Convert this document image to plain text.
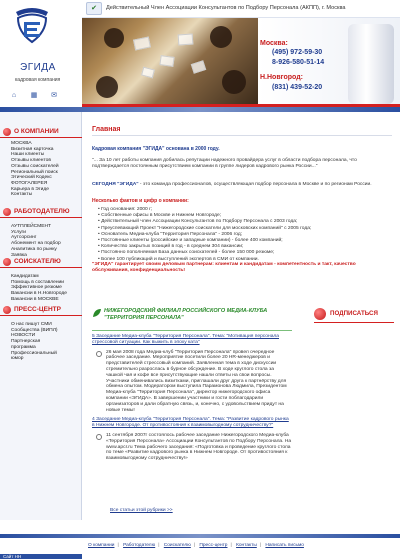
ЭГИДА
кадровая компания
⌂ ▦ ✉
✔	Действительный Член Ассоциации Консультантов по Подбору Персонала (АКПП), г. Москва
Москва:
(495) 972-59-30
8-926-580-51-14
Н.Новгород:
(831) 439-52-20
О КОМПАНИИ
МОСКВА
Визитная карточка
Наши клиенты
Отзывы клиентов
Отзывы соискателей
Региональный поиск
Этический Кодекс
ФОТОГАЛЕРЕЯ
Карьера в Эгиде
Контакты
РАБОТОДАТЕЛЮ
АУТПЛЕЙСМЕНТ
Услуги
Аутсорсинг
Абонемент на подбор
Аналитика по рынку
Заявка
СОИСКАТЕЛЮ
Кандидатам
Помощь в составлении
Эффективное резюме
Вакансии в Н.Новгороде
Вакансии в МОСКВЕ
ПРЕСС-ЦЕНТР
О нас пишут СМИ
Сообщества (ВИПЛ)
НОВОСТИ
Партнерская
программа
Профессиональный
юмор
Главная
Кадровая компания "ЭГИДА" основана в 2000 году.
"... За 10 лет работы компания добилась репутации надежного провайдера услуг в области подбора персонала, что подтверждается постоянным присутствием компании в группе лидеров кадрового рынка России..."
СЕГОДНЯ "ЭГИДА" - это команда профессионалов, осуществляющая подбор персонала в Москве и по регионам России.
Несколько фактов и цифр о компании:
• Год основания: 2000 г;
• Собственные офисы в Москве и Нижнем Новгороде;
• Действительный член Ассоциации Консультантов по Подбору Персонала с 2003 года;
• Преуспевающий Проект "Нижегородские соискатели для московских компаний" с 2005 года;
• Основатель Медиа-клуба "Территория Персонала" - 2006 год;
• Постоянные клиенты (российские и западные компании) - более 400 компаний;
• Количество закрытых позиций в год - в среднем 304 вакансии;
• Постоянно пополняемая База данных соискателей - более 150 000 резюме;
• Более 100 публикаций и выступлений экспертов в СМИ от компании.
"ЭГИДА" гарантирует своим деловым партнерам: клиентам и кандидатам - компетентность и такт, качество обслуживания, конфиденциальность!
НИЖЕГОРОДСКИЙ ФИЛИАЛ РОССИЙСКОГО МЕДИА-КЛУБА "ТЕРРИТОРИЯ ПЕРСОНАЛА"
5 Заседание Медиа-клуба "Территория Персонала". Тема: "Мотивация персонала стрессовой ситуации. Как выжить в эпоху ката"
26 мая 2008 года Медиа-клуб "Территория Персонала" провел очередное рабочее заседание. Мероприятие посетили более 20 HR-менеджеров и представителей стрессовый компаний. Заявленная тема в ходе дискуссии стремительно разрослась в бурное обсуждение. В ходе круглого стола за чашкой чая и кофе все присутствующие нашли ответы на свои вопросы. Участники обменивались визитками, приглашали друг друга к партнёрству для обмена опытом. Модератором выступила Парамонова Людмила, Президентом Медиа-клуба "Территория Персонала", директор нижегородского офиса компании «ЭГИДА». В завершении участники и гости поблагодарили организаторов и дали обратную связь, и, конечно, с удовольствием придут на новые темы!
4 Заседание Медиа-клуба "Территория Персонала". Тема: "Развитие кадрового рынка в Нижнем Новгороде. От противостояния к взаимовыгодному сотрудничеству?"
11 сентября 2007г состоялось рабочее заседание Нижегородского Медиа-клуба «Территория Персонала» Ассоциации Консультантов по Подбору Персонала. На www.apcr.ru Тема рабочего заседания: «Подготовка и проведение круглого стола по теме «Развитие кадрового рынка в Нижнем Новгороде. От противостояния к взаимовыгодному сотрудничеству!»
Все статьи этой рубрики >>
ПОДПИСАТЬСЯ
О компании | Работодателю | Соискателю | Пресс-центр | Контакты | Написать письмо
Сайт НН
